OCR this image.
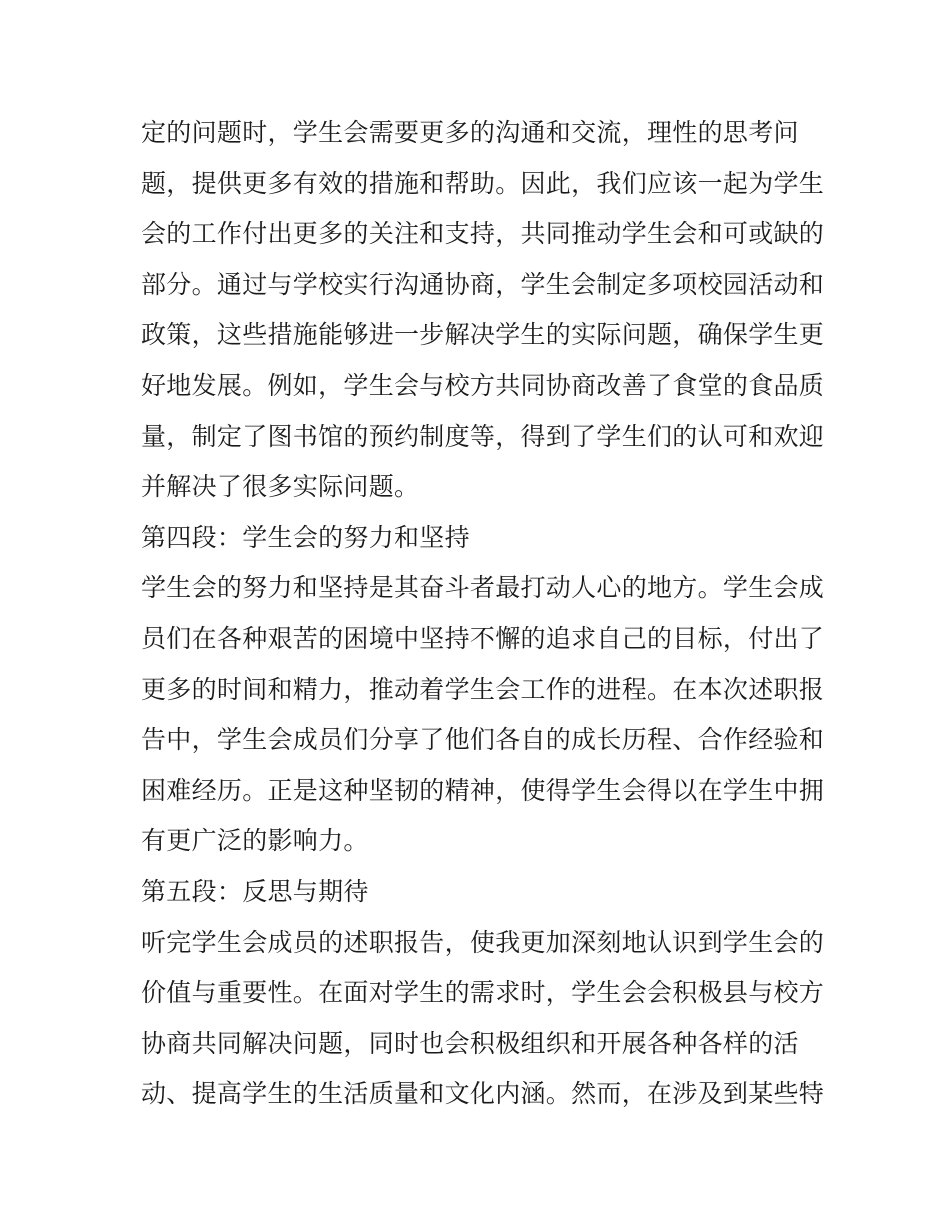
定的问题时，学生会需要更多的沟通和交流，理性的思考问
题，提供更多有效的措施和帮助。因此，我们应该一起为学生
会的工作付出更多的关注和支持，共同推动学生会和可或缺的
部分。通过与学校实行沟通协商，学生会制定多项校园活动和
政策，这些措施能够进一步解决学生的实际问题，确保学生更
好地发展。例如，学生会与校方共同协商改善了食堂的食品质
量，制定了图书馆的预约制度等，得到了学生们的认可和欢迎
并解决了很多实际问题。
第四段：学生会的努力和坚持
学生会的努力和坚持是其奋斗者最打动人心的地方。学生会成
员们在各种艰苦的困境中坚持不懈的追求自己的目标，付出了
更多的时间和精力，推动着学生会工作的进程。在本次述职报
告中，学生会成员们分享了他们各自的成长历程、合作经验和
困难经历。正是这种坚韧的精神，使得学生会得以在学生中拥
有更广泛的影响力。
第五段：反思与期待
听完学生会成员的述职报告，使我更加深刻地认识到学生会的
价值与重要性。在面对学生的需求时，学生会会积极县与校方
协商共同解决问题，同时也会积极组织和开展各种各样的活
动、提高学生的生活质量和文化内涵。然而，在涉及到某些特
